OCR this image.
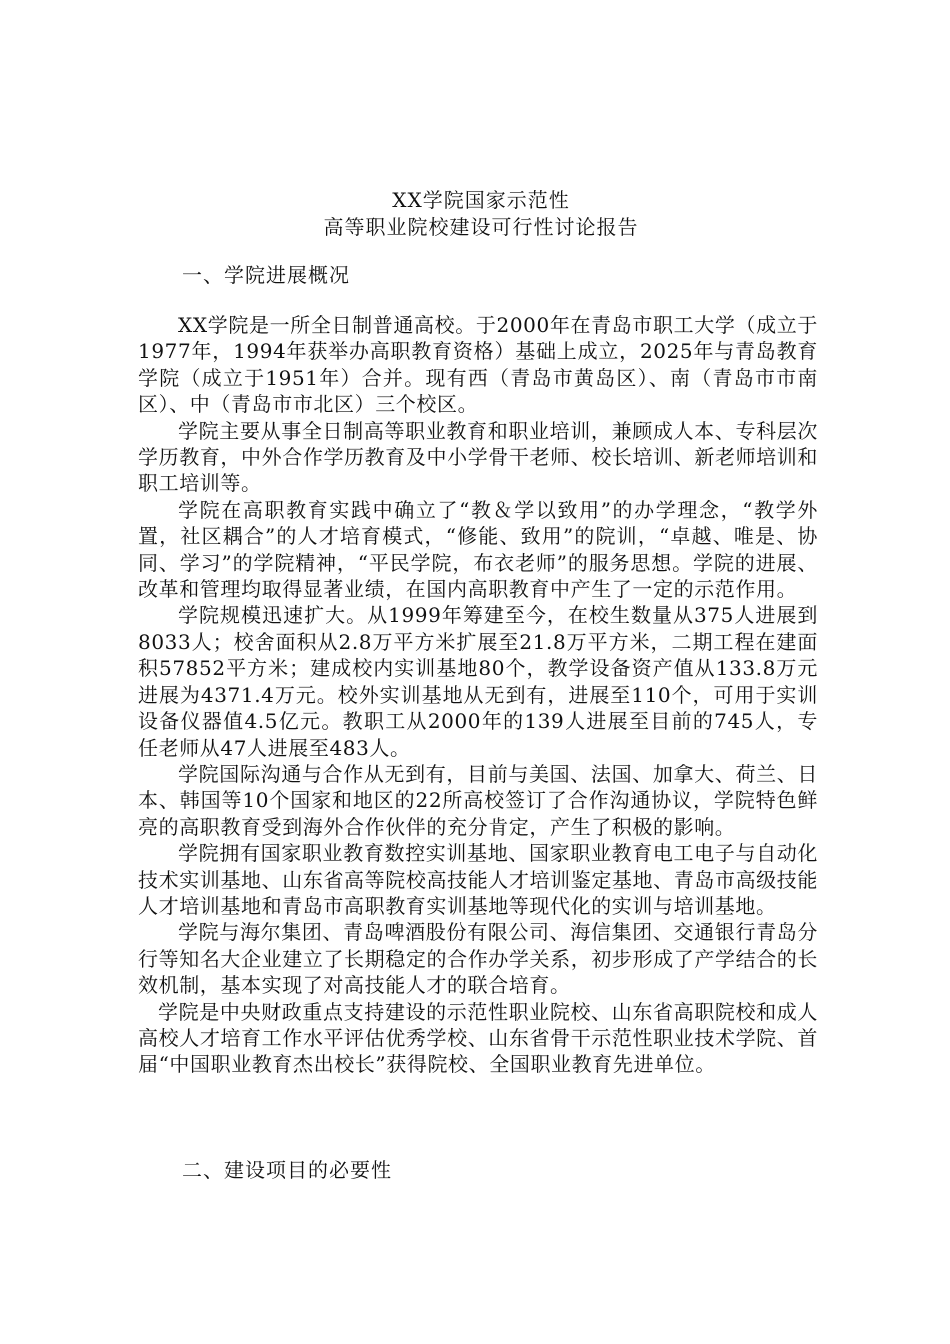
XX学院国家示范性
高等职业院校建设可行性讨论报告
一、学院进展概况

XX学院是一所全日制普通高校。于2000年在青岛市职工大学（成立于1977年，1994年获举办高职教育资格）基础上成立，2025年与青岛教育学院（成立于1951年）合并。现有西（青岛市黄岛区）、南（青岛市市南区）、中（青岛市市北区）三个校区。

学院主要从事全日制高等职业教育和职业培训，兼顾成人本、专科层次学历教育，中外合作学历教育及中小学骨干老师、校长培训、新老师培训和职工培训等。

学院在高职教育实践中确立了“教＆学以致用”的办学理念，“教学外置，社区耦合”的人才培育模式，“修能、致用”的院训，“卓越、唯是、协同、学习”的学院精神，“平民学院，布衣老师”的服务思想。学院的进展、改革和管理均取得显著业绩，在国内高职教育中产生了一定的示范作用。

学院规模迅速扩大。从1999年筹建至今，在校生数量从375人进展到8033人；校舍面积从2.8万平方米扩展至21.8万平方米，二期工程在建面积57852平方米；建成校内实训基地80个，教学设备资产值从133.8万元进展为4371.4万元。校外实训基地从无到有，进展至110个，可用于实训设备仪器值4.5亿元。教职工从2000年的139人进展至目前的745人，专任老师从47人进展至483人。

学院国际沟通与合作从无到有，目前与美国、法国、加拿大、荷兰、日本、韩国等10个国家和地区的22所高校签订了合作沟通协议，学院特色鲜亮的高职教育受到海外合作伙伴的充分肯定，产生了积极的影响。

学院拥有国家职业教育数控实训基地、国家职业教育电工电子与自动化技术实训基地、山东省高等院校高技能人才培训鉴定基地、青岛市高级技能人才培训基地和青岛市高职教育实训基地等现代化的实训与培训基地。

学院与海尔集团、青岛啤酒股份有限公司、海信集团、交通银行青岛分行等知名大企业建立了长期稳定的合作办学关系，初步形成了产学结合的长效机制，基本实现了对高技能人才的联合培育。

学院是中央财政重点支持建设的示范性职业院校、山东省高职院校和成人高校人才培育工作水平评估优秀学校、山东省骨干示范性职业技术学院、首届“中国职业教育杰出校长”获得院校、全国职业教育先进单位。

二、建设项目的必要性
